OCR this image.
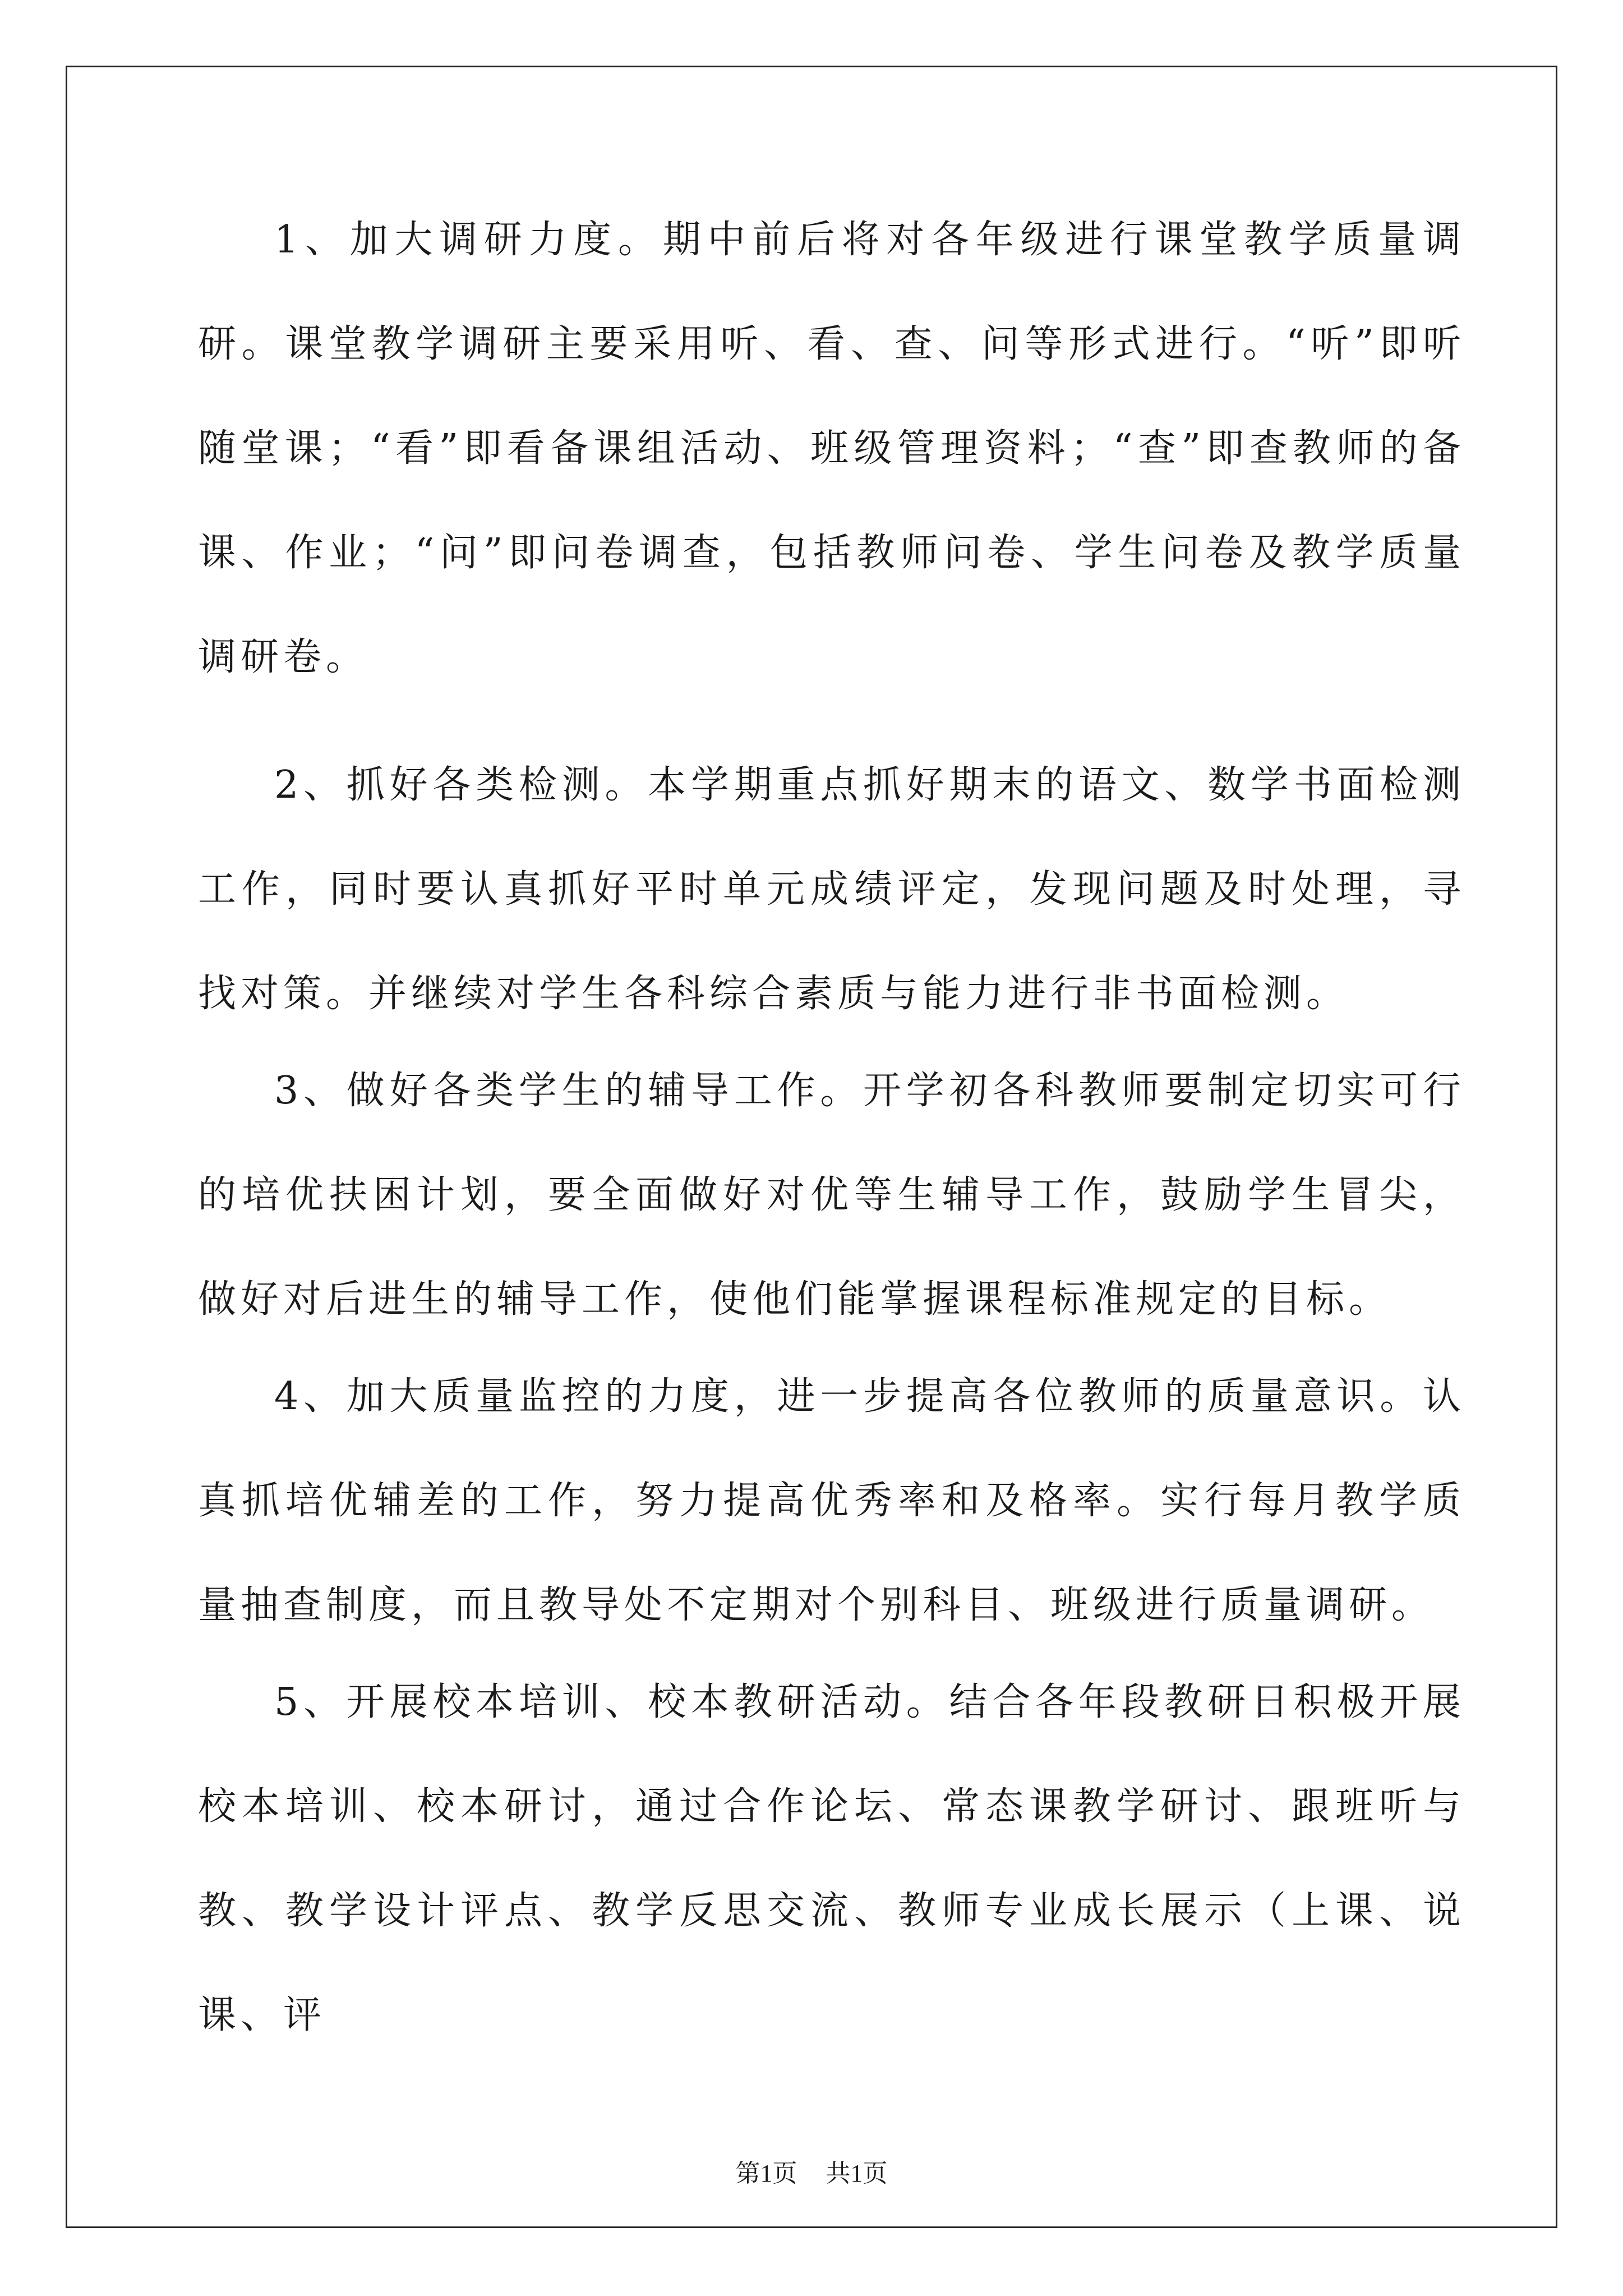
1、加大调研力度。期中前后将对各年级进行课堂教学质量调研。课堂教学调研主要采用听、看、查、问等形式进行。“听”即听随堂课；“看”即看备课组活动、班级管理资料；“查”即查教师的备课、作业；“问”即问卷调查，包括教师问卷、学生问卷及教学质量调研卷。

2、抓好各类检测。本学期重点抓好期末的语文、数学书面检测工作，同时要认真抓好平时单元成绩评定，发现问题及时处理，寻找对策。并继续对学生各科综合素质与能力进行非书面检测。

3、做好各类学生的辅导工作。开学初各科教师要制定切实可行的培优扶困计划，要全面做好对优等生辅导工作，鼓励学生冒尖，做好对后进生的辅导工作，使他们能掌握课程标准规定的目标。

4、加大质量监控的力度，进一步提高各位教师的质量意识。认真抓培优辅差的工作，努力提高优秀率和及格率。实行每月教学质量抽查制度，而且教导处不定期对个别科目、班级进行质量调研。

5、开展校本培训、校本教研活动。结合各年段教研日积极开展校本培训、校本研讨，通过合作论坛、常态课教学研讨、跟班听与教、教学设计评点、教学反思交流、教师专业成长展示（上课、说课、评

第1页 共1页
